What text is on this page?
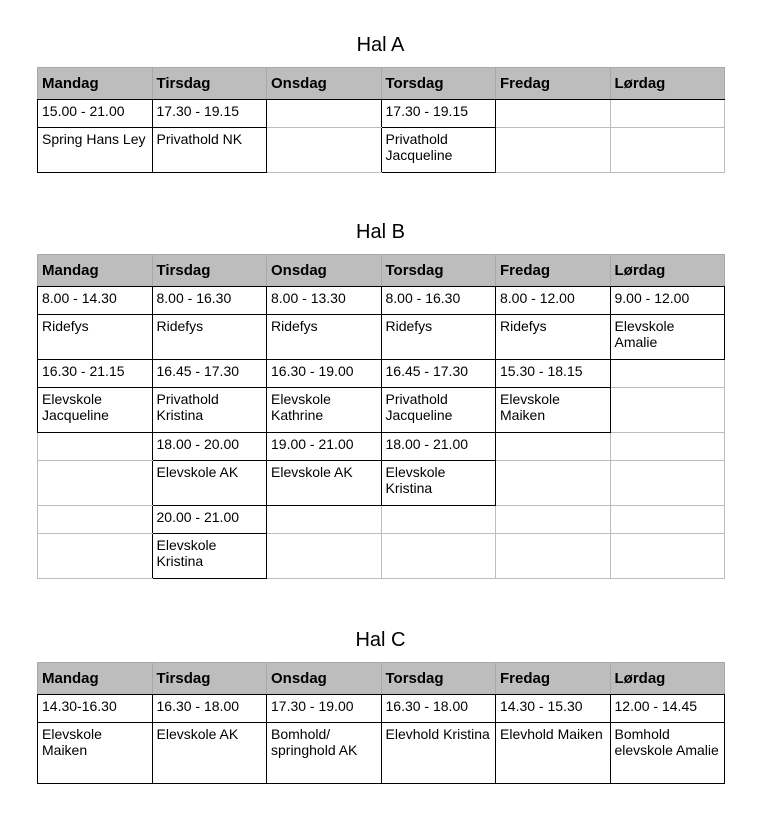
Hal A
Mandag	Tirsdag	Onsdag	Torsdag	Fredag	Lørdag
15.00 - 21.00	17.30 - 19.15		17.30 - 19.15		
Spring Hans Ley	Privathold NK		Privathold Jacqueline		
Hal B
Mandag	Tirsdag	Onsdag	Torsdag	Fredag	Lørdag
8.00 - 14.30	8.00 - 16.30	8.00 - 13.30	8.00 - 16.30	8.00 - 12.00	9.00 - 12.00
Ridefys	Ridefys	Ridefys	Ridefys	Ridefys	Elevskole Amalie
16.30 - 21.15	16.45 - 17.30	16.30 - 19.00	16.45 - 17.30	15.30 - 18.15	
Elevskole Jacqueline	Privathold Kristina	Elevskole Kathrine	Privathold Jacqueline	Elevskole Maiken	
	18.00 - 20.00	19.00 - 21.00	18.00 - 21.00		
	Elevskole AK	Elevskole AK	Elevskole Kristina		
	20.00 - 21.00				
	Elevskole Kristina				
Hal C
Mandag	Tirsdag	Onsdag	Torsdag	Fredag	Lørdag
14.30-16.30	16.30 - 18.00	17.30 - 19.00	16.30 - 18.00	14.30 - 15.30	12.00 - 14.45
Elevskole Maiken	Elevskole AK	Bomhold/ springhold AK	Elevhold Kristina	Elevhold Maiken	Bomhold elevskole Amalie
